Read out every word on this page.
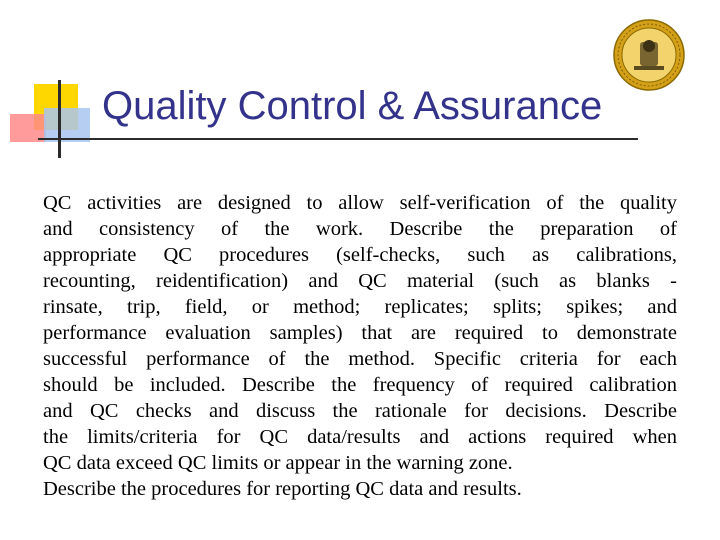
Quality Control & Assurance
QC activities are designed to allow self-verification of the quality
and consistency of the work. Describe the preparation of
appropriate QC procedures (self-checks, such as calibrations,
recounting, reidentification) and QC material (such as blanks -
rinsate, trip, field, or method; replicates; splits; spikes; and
performance evaluation samples) that are required to demonstrate
successful performance of the method. Specific criteria for each
should be included. Describe the frequency of required calibration
and QC checks and discuss the rationale for decisions. Describe
the limits/criteria for QC data/results and actions required when
QC data exceed QC limits or appear in the warning zone.
Describe the procedures for reporting QC data and results.
